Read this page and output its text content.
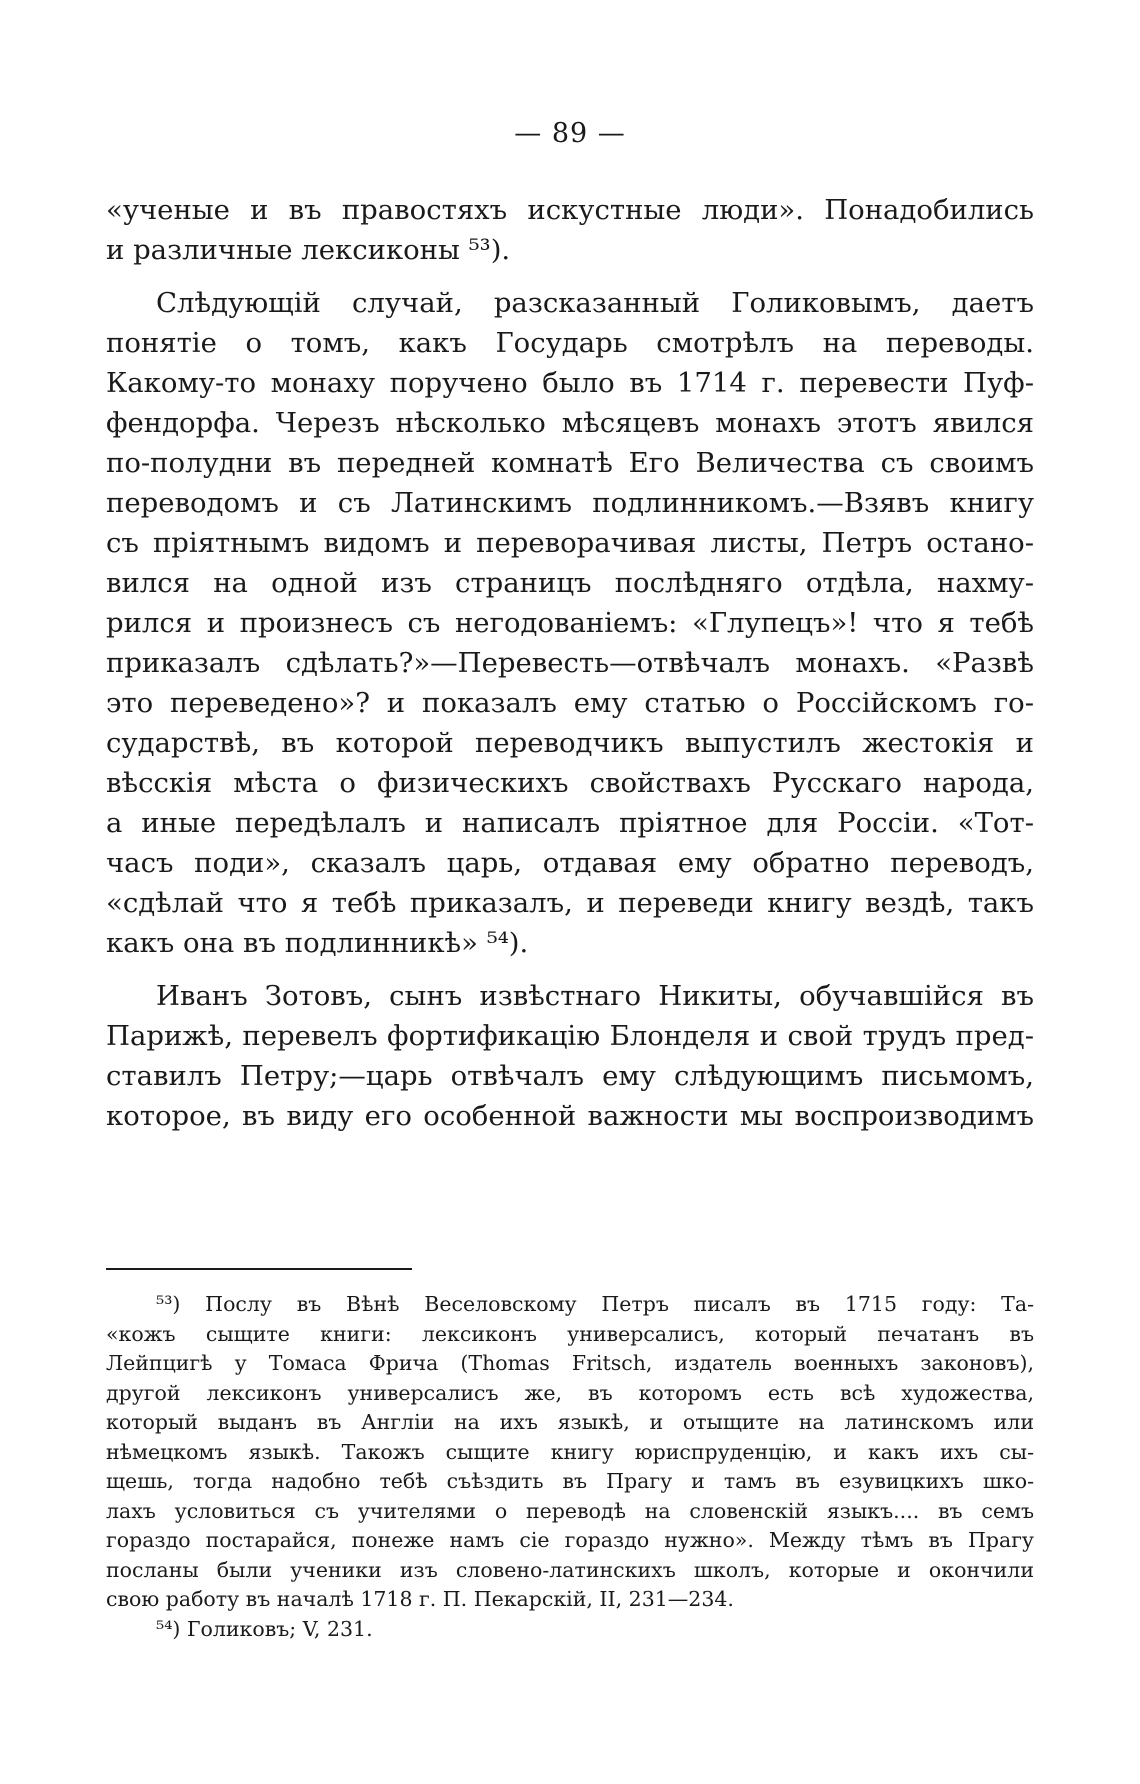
— 89 —
«ученые и въ правостяхъ искустные люди». Понадобились
и различные лексиконы ⁵³).
Слѣдующій случай, разсказанный Голиковымъ, даетъ
понятіе о томъ, какъ Государь смотрѣлъ на переводы.
Какому-то монаху поручено было въ 1714 г. перевести Пуф-
фендорфа. Черезъ нѣсколько мѣсяцевъ монахъ этотъ явился
по-полудни въ передней комнатѣ Его Величества съ своимъ
переводомъ и съ Латинскимъ подлинникомъ.—Взявъ книгу
съ пріятнымъ видомъ и переворачивая листы, Петръ остано-
вился на одной изъ страницъ послѣдняго отдѣла, нахму-
рился и произнесъ съ негодованіемъ: «Глупецъ»! что я тебѣ
приказалъ сдѣлать?»—Перевесть—отвѣчалъ монахъ. «Развѣ
это переведено»? и показалъ ему статью о Россійскомъ го-
сударствѣ, въ которой переводчикъ выпустилъ жестокія и
вѣсскія мѣста о физическихъ свойствахъ Русскаго народа,
а иные передѣлалъ и написалъ пріятное для Россіи. «Тот-
часъ поди», сказалъ царь, отдавая ему обратно переводъ,
«сдѣлай что я тебѣ приказалъ, и переведи книгу вездѣ, такъ
какъ она въ подлинникѣ» ⁵⁴).
Иванъ Зотовъ, сынъ извѣстнаго Никиты, обучавшійся въ
Парижѣ, перевелъ фортификацію Блонделя и свой трудъ пред-
ставилъ Петру;—царь отвѣчалъ ему слѣдующимъ письмомъ,
которое, въ виду его особенной важности мы воспроизводимъ
⁵³) Послу въ Вѣнѣ Веселовскому Петръ писалъ въ 1715 году: Та-
«кожъ сыщите книги: лексиконъ универсалисъ, который печатанъ въ
Лейпцигѣ у Томаса Фрича (Thomas Fritsch, издатель военныхъ законовъ),
другой лексиконъ универсалисъ же, въ которомъ есть всѣ художества,
который выданъ въ Англіи на ихъ языкѣ, и отыщите на латинскомъ или
нѣмецкомъ языкѣ. Такожъ сыщите книгу юриспруденцію, и какъ ихъ сы-
щешь, тогда надобно тебѣ съѣздить въ Прагу и тамъ въ езувицкихъ шко-
лахъ условиться съ учителями о переводѣ на словенскій языкъ.... въ семъ
гораздо постарайся, понеже намъ сіе гораздо нужно». Между тѣмъ въ Прагу
посланы были ученики изъ словено-латинскихъ школъ, которые и окончили
свою работу въ началѣ 1718 г. П. Пекарскій, II, 231—234.
⁵⁴) Голиковъ; V, 231.
